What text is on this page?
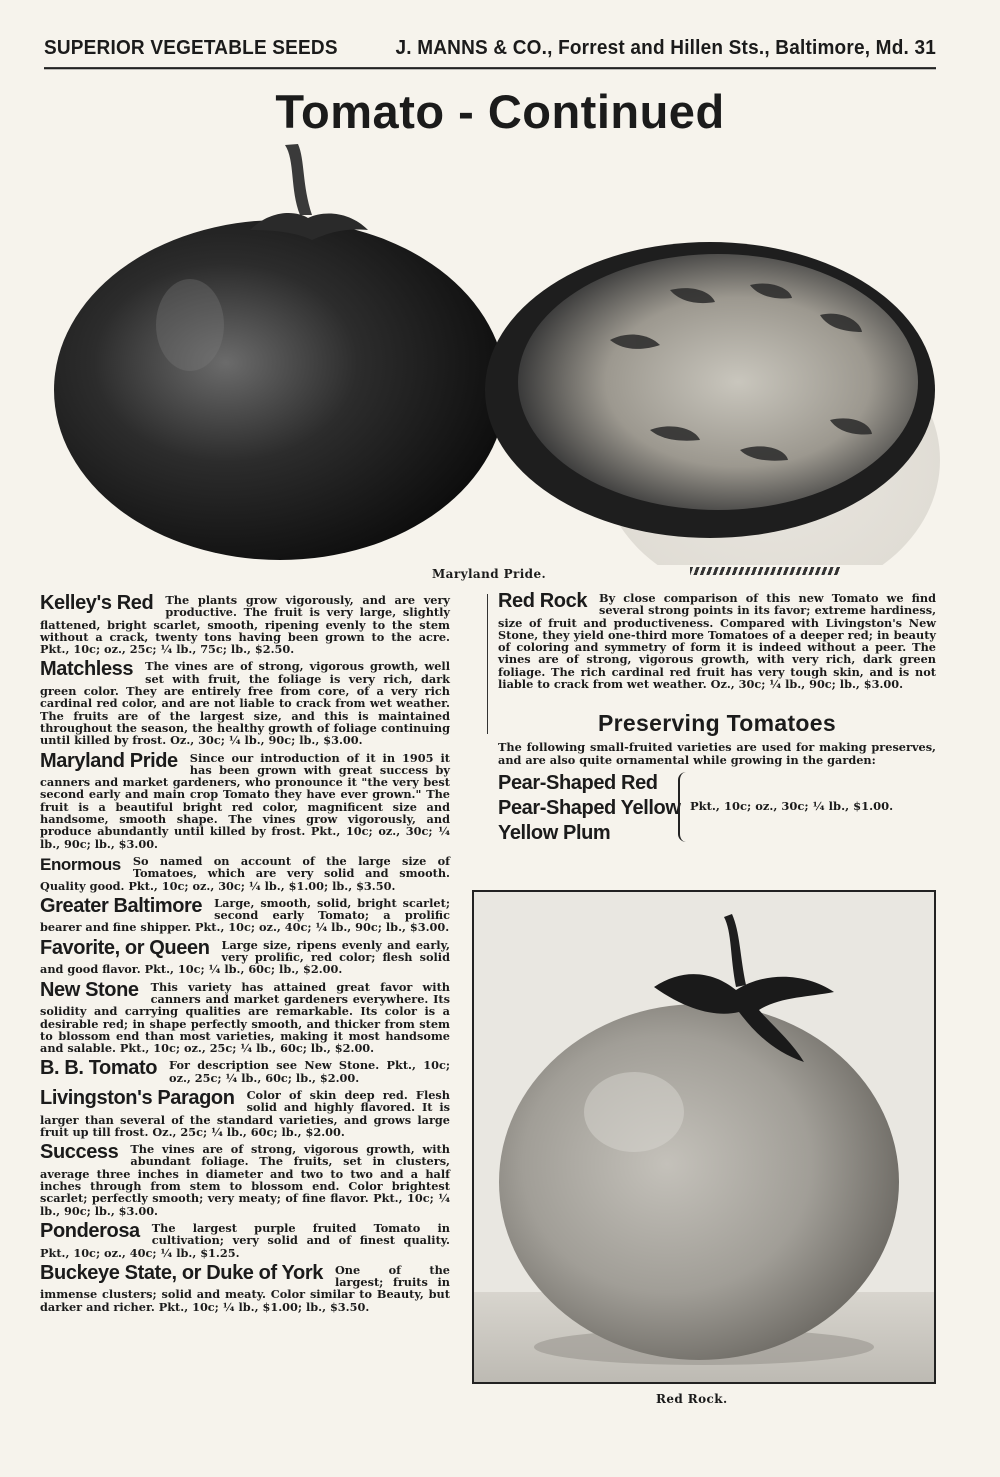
SUPERIOR VEGETABLE SEEDS	J. MANNS & CO., Forrest and Hillen Sts., Baltimore, Md. 31
Tomato - Continued
Maryland Pride.
Kelley's Red The plants grow vigorously, and are very productive. The fruit is very large, slightly flattened, bright scarlet, smooth, ripening evenly to the stem without a crack, twenty tons having been grown to the acre. Pkt., 10c; oz., 25c; ¼ lb., 75c; lb., $2.50.
Matchless The vines are of strong, vigorous growth, well set with fruit, the foliage is very rich, dark green color. They are entirely free from core, of a very rich cardinal red color, and are not liable to crack from wet weather. The fruits are of the largest size, and this is maintained throughout the season, the healthy growth of foliage continuing until killed by frost. Oz., 30c; ¼ lb., 90c; lb., $3.00.
Maryland Pride Since our introduction of it in 1905 it has been grown with great success by canners and market gardeners, who pronounce it "the very best second early and main crop Tomato they have ever grown." The fruit is a beautiful bright red color, magnificent size and handsome, smooth shape. The vines grow vigorously, and produce abundantly until killed by frost. Pkt., 10c; oz., 30c; ¼ lb., 90c; lb., $3.00.
Enormous So named on account of the large size of Tomatoes, which are very solid and smooth. Quality good. Pkt., 10c; oz., 30c; ¼ lb., $1.00; lb., $3.50.
Greater Baltimore Large, smooth, solid, bright scarlet; second early Tomato; a prolific bearer and fine shipper. Pkt., 10c; oz., 40c; ¼ lb., 90c; lb., $3.00.
Favorite, or Queen Large size, ripens evenly and early, very prolific, red color; flesh solid and good flavor. Pkt., 10c; ¼ lb., 60c; lb., $2.00.
New Stone This variety has attained great favor with canners and market gardeners everywhere. Its solidity and carrying qualities are remarkable. Its color is a desirable red; in shape perfectly smooth, and thicker from stem to blossom end than most varieties, making it most handsome and salable. Pkt., 10c; oz., 25c; ¼ lb., 60c; lb., $2.00.
B. B. Tomato For description see New Stone. Pkt., 10c; oz., 25c; ¼ lb., 60c; lb., $2.00.
Livingston's Paragon Color of skin deep red. Flesh solid and highly flavored. It is larger than several of the standard varieties, and grows large fruit up till frost. Oz., 25c; ¼ lb., 60c; lb., $2.00.
Success The vines are of strong, vigorous growth, with abundant foliage. The fruits, set in clusters, average three inches in diameter and two to two and a half inches through from stem to blossom end. Color brightest scarlet; perfectly smooth; very meaty; of fine flavor. Pkt., 10c; ¼ lb., 90c; lb., $3.00.
Ponderosa The largest purple fruited Tomato in cultivation; very solid and of finest quality. Pkt., 10c; oz., 40c; ¼ lb., $1.25.
Buckeye State, or Duke of York One of the largest; fruits in immense clusters; solid and meaty. Color similar to Beauty, but darker and richer. Pkt., 10c; ¼ lb., $1.00; lb., $3.50.
Red Rock By close comparison of this new Tomato we find several strong points in its favor; extreme hardiness, size of fruit and productiveness. Compared with Livingston's New Stone, they yield one-third more Tomatoes of a deeper red; in beauty of coloring and symmetry of form it is indeed without a peer. The vines are of strong, vigorous growth, with very rich, dark green foliage. The rich cardinal red fruit has very tough skin, and is not liable to crack from wet weather. Oz., 30c; ¼ lb., 90c; lb., $3.00.
Preserving Tomatoes
The following small-fruited varieties are used for making preserves, and are also quite ornamental while growing in the garden:
Pear-Shaped Red
Pear-Shaped Yellow
Yellow Plum
Pkt., 10c; oz., 30c; ¼ lb., $1.00.
Red Rock.
